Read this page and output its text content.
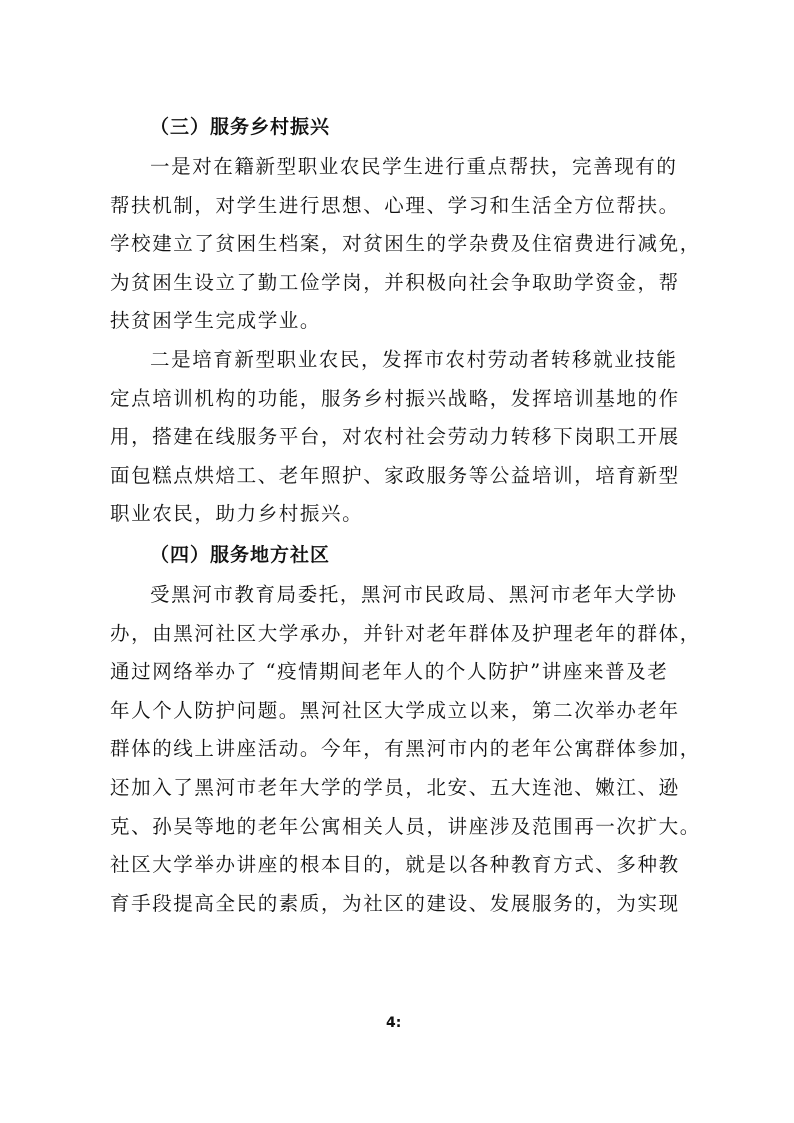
（三）服务乡村振兴

一是对在籍新型职业农民学生进行重点帮扶，完善现有的
帮扶机制，对学生进行思想、心理、学习和生活全方位帮扶。
学校建立了贫困生档案，对贫困生的学杂费及住宿费进行减免，
为贫困生设立了勤工俭学岗，并积极向社会争取助学资金，帮
扶贫困学生完成学业。

二是培育新型职业农民，发挥市农村劳动者转移就业技能
定点培训机构的功能，服务乡村振兴战略，发挥培训基地的作
用，搭建在线服务平台，对农村社会劳动力转移下岗职工开展
面包糕点烘焙工、老年照护、家政服务等公益培训，培育新型
职业农民，助力乡村振兴。

（四）服务地方社区

受黑河市教育局委托，黑河市民政局、黑河市老年大学协
办，由黑河社区大学承办，并针对老年群体及护理老年的群体，
通过网络举办了 “疫情期间老年人的个人防护”讲座来普及老
年人个人防护问题。黑河社区大学成立以来，第二次举办老年
群体的线上讲座活动。今年，有黑河市内的老年公寓群体参加，
还加入了黑河市老年大学的学员，北安、五大连池、嫩江、逊
克、孙吴等地的老年公寓相关人员，讲座涉及范围再一次扩大。
社区大学举办讲座的根本目的，就是以各种教育方式、多种教
育手段提高全民的素质，为社区的建设、发展服务的，为实现

4:
